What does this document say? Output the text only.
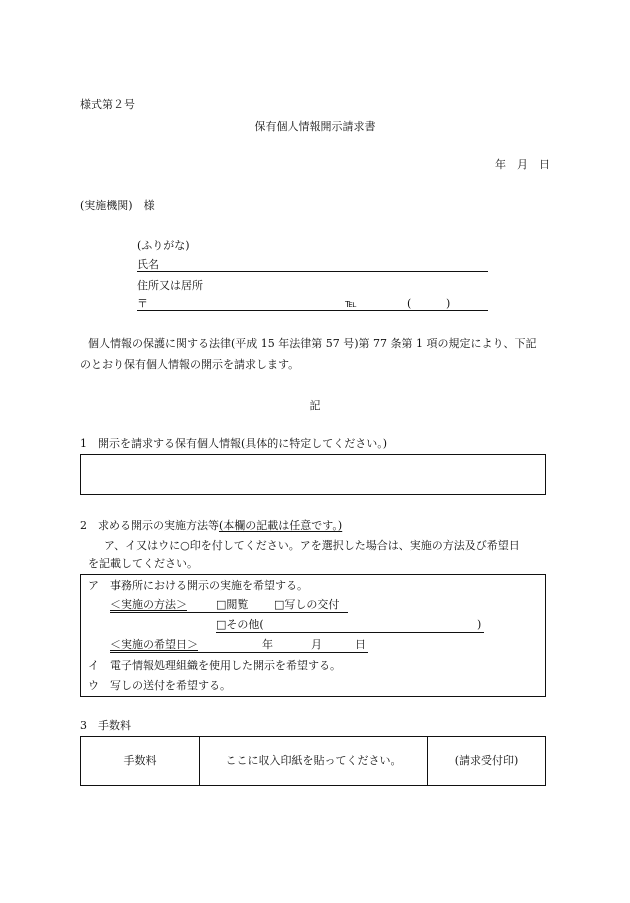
様式第２号
保有個人情報開示請求書
年　月　日
(実施機関)　様
(ふりがな)
氏名
住所又は居所
〒	℡	(	)
個人情報の保護に関する法律(平成 15 年法律第 57 号)第 77 条第 1 項の規定により、下記
のとおり保有個人情報の開示を請求します。
記
1　開示を請求する保有個人情報(具体的に特定してください。)
2　求める開示の実施方法等(本欄の記載は任意です。)
ア、イ又はウに○印を付してください。アを選択した場合は、実施の方法及び希望日
を記載してください。
ア　事務所における開示の実施を希望する。
＜実施の方法＞	□閲覧 □写しの交付
□その他(	)
＜実施の希望日＞	年	月	日
イ　電子情報処理組織を使用した開示を希望する。
ウ　写しの送付を希望する。
3　手数料
手数料	ここに収入印紙を貼ってください。	(請求受付印)
